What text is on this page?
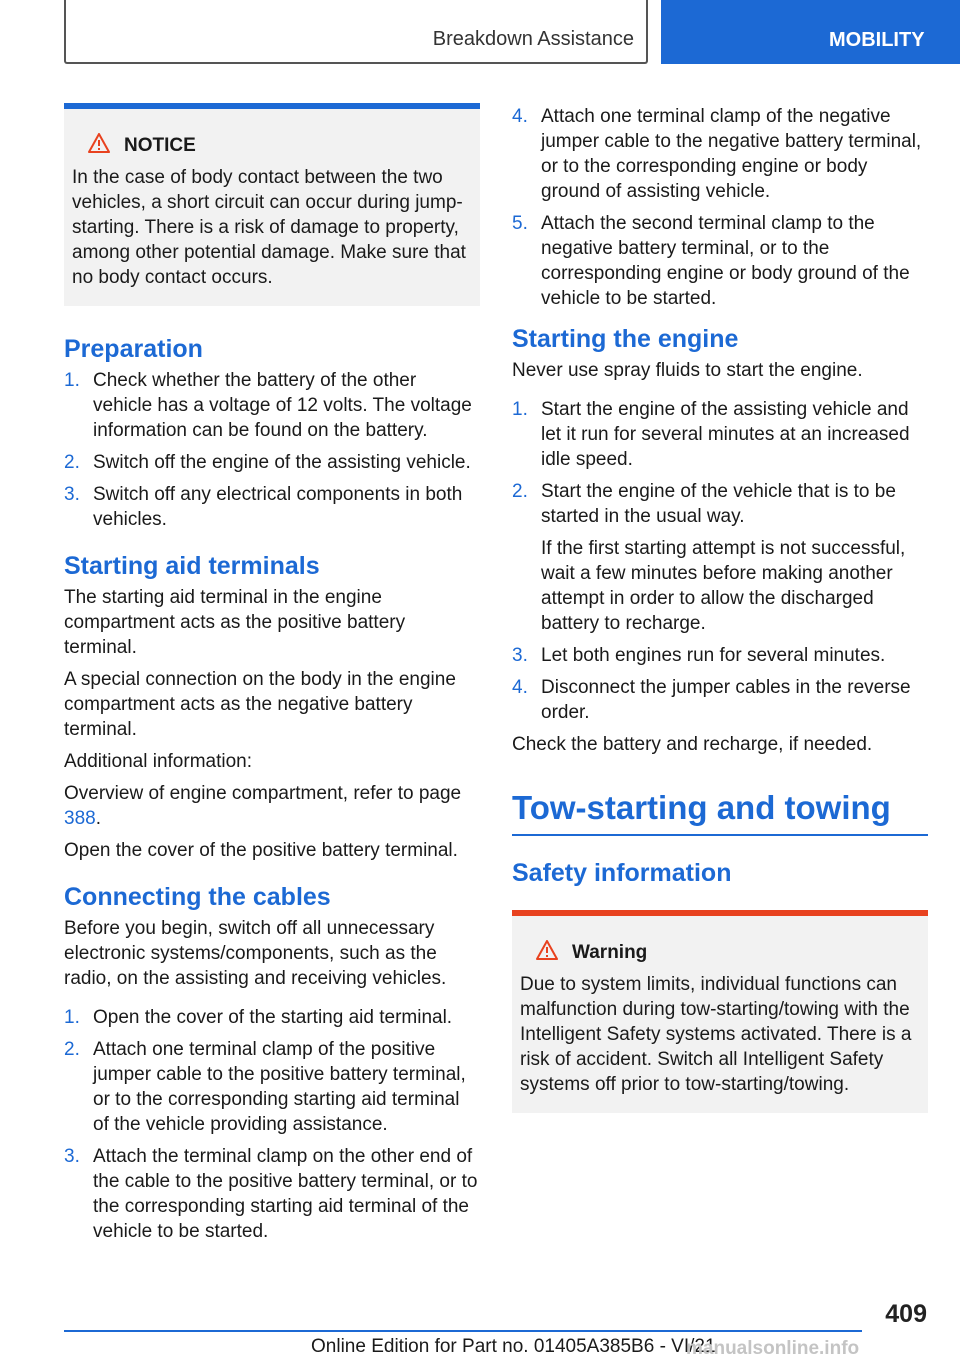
Breakdown Assistance	MOBILITY
NOTICE

In the case of body contact between the two vehicles, a short circuit can occur during jump-starting. There is a risk of damage to property, among other potential damage. Make sure that no body contact occurs.

Preparation
1. Check whether the battery of the other vehicle has a voltage of 12 volts. The voltage information can be found on the battery.
2. Switch off the engine of the assisting vehicle.
3. Switch off any electrical components in both vehicles.
Starting aid terminals

The starting aid terminal in the engine compartment acts as the positive battery terminal.

A special connection on the body in the engine compartment acts as the negative battery terminal.

Additional information:

Overview of engine compartment, refer to page 388.

Open the cover of the positive battery terminal.

Connecting the cables

Before you begin, switch off all unnecessary electronic systems/components, such as the radio, on the assisting and receiving vehicles.

1. Open the cover of the starting aid terminal.
2. Attach one terminal clamp of the positive jumper cable to the positive battery terminal, or to the corresponding starting aid terminal of the vehicle providing assistance.
3. Attach the terminal clamp on the other end of the cable to the positive battery terminal, or to the corresponding starting aid terminal of the vehicle to be started.
4. Attach one terminal clamp of the negative jumper cable to the negative battery terminal, or to the corresponding engine or body ground of assisting vehicle.
5. Attach the second terminal clamp to the negative battery terminal, or to the corresponding engine or body ground of the vehicle to be started.
Starting the engine

Never use spray fluids to start the engine.

1. Start the engine of the assisting vehicle and let it run for several minutes at an increased idle speed.
2. Start the engine of the vehicle that is to be started in the usual way.

If the first starting attempt is not successful, wait a few minutes before making another attempt in order to allow the discharged battery to recharge.

3. Let both engines run for several minutes.
4. Disconnect the jumper cables in the reverse order.

Check the battery and recharge, if needed.

Tow-starting and towing
Safety information
Warning

Due to system limits, individual functions can malfunction during tow-starting/towing with the Intelligent Safety systems activated. There is a risk of accident. Switch all Intelligent Safety systems off prior to tow-starting/towing.

409
Online Edition for Part no. 01405A385B6 - VI/21
manualsonline.info
